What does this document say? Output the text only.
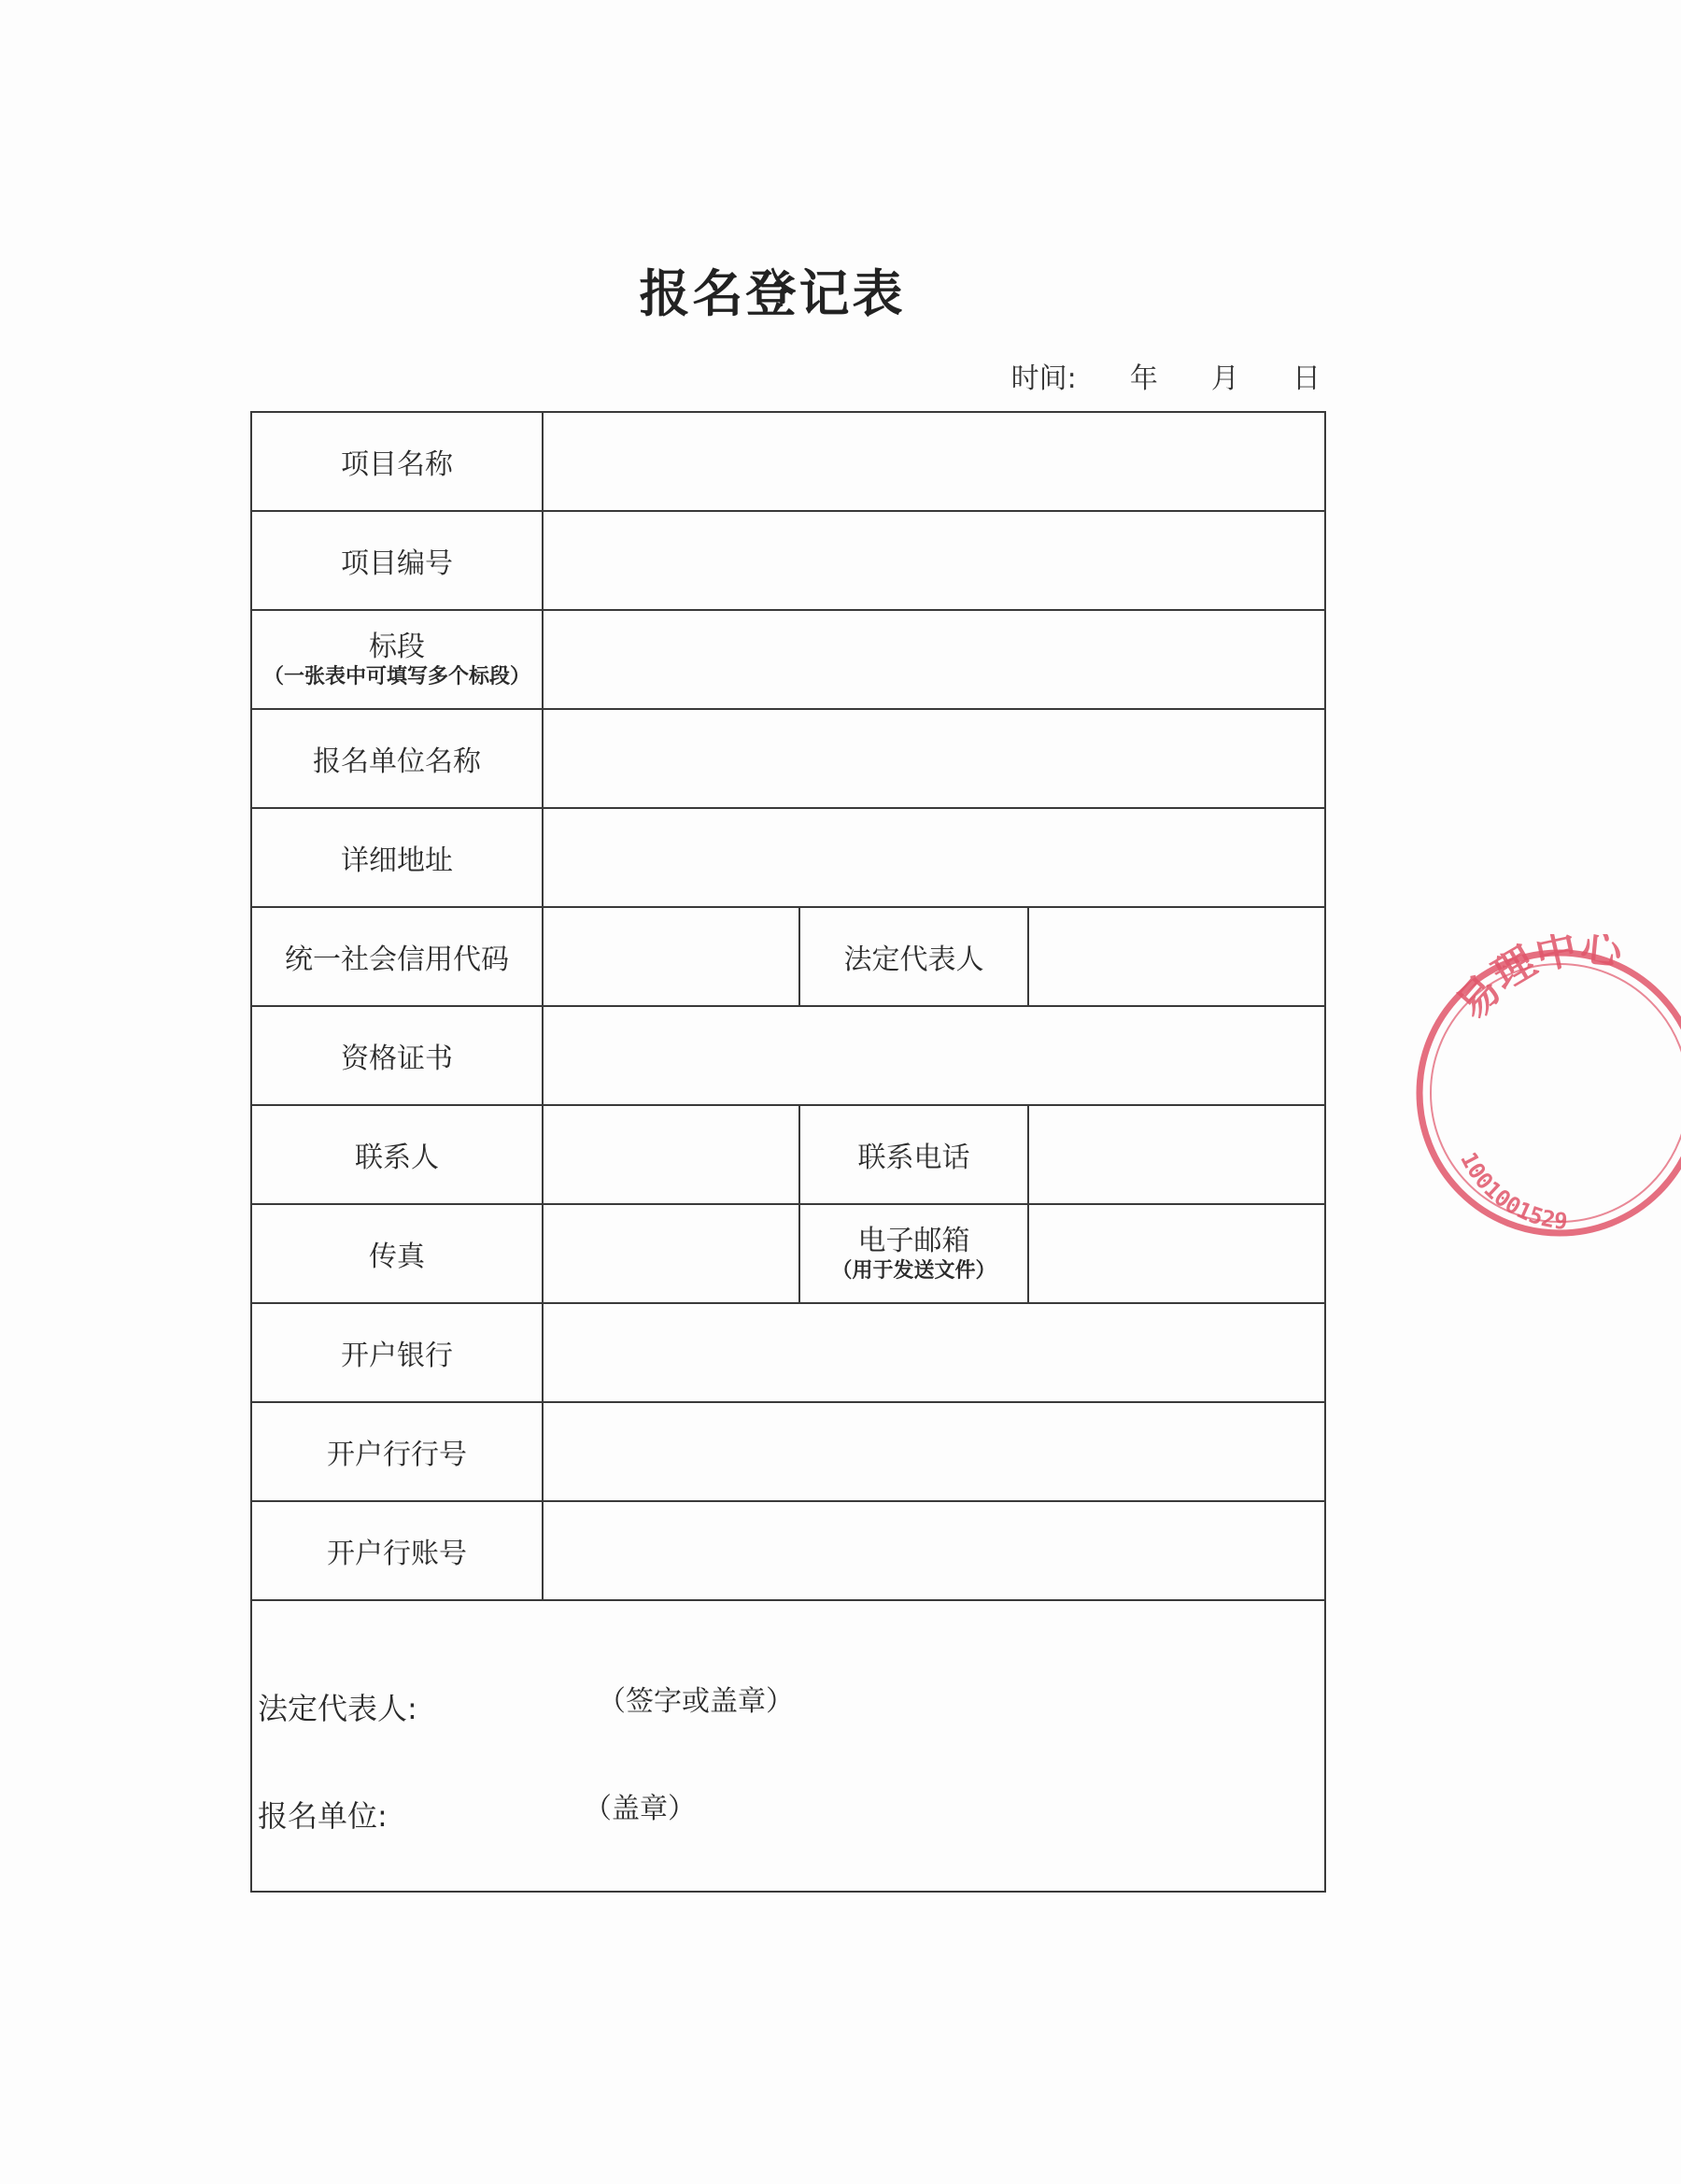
报名登记表
时间: 年 月 日
项目名称			
项目编号			

标段
（一张表中可填写多个标段）			

报名单位名称			
详细地址			
统一社会信用代码		法定代表人	
资格证书			
联系人		联系电话	
传真		电子邮箱
（用于发送文件）	

开户银行			
开户行行号			
开户行账号			

法定代表人: （签字或盖章）
报名单位: （盖章）			
易理中心
1001001529
